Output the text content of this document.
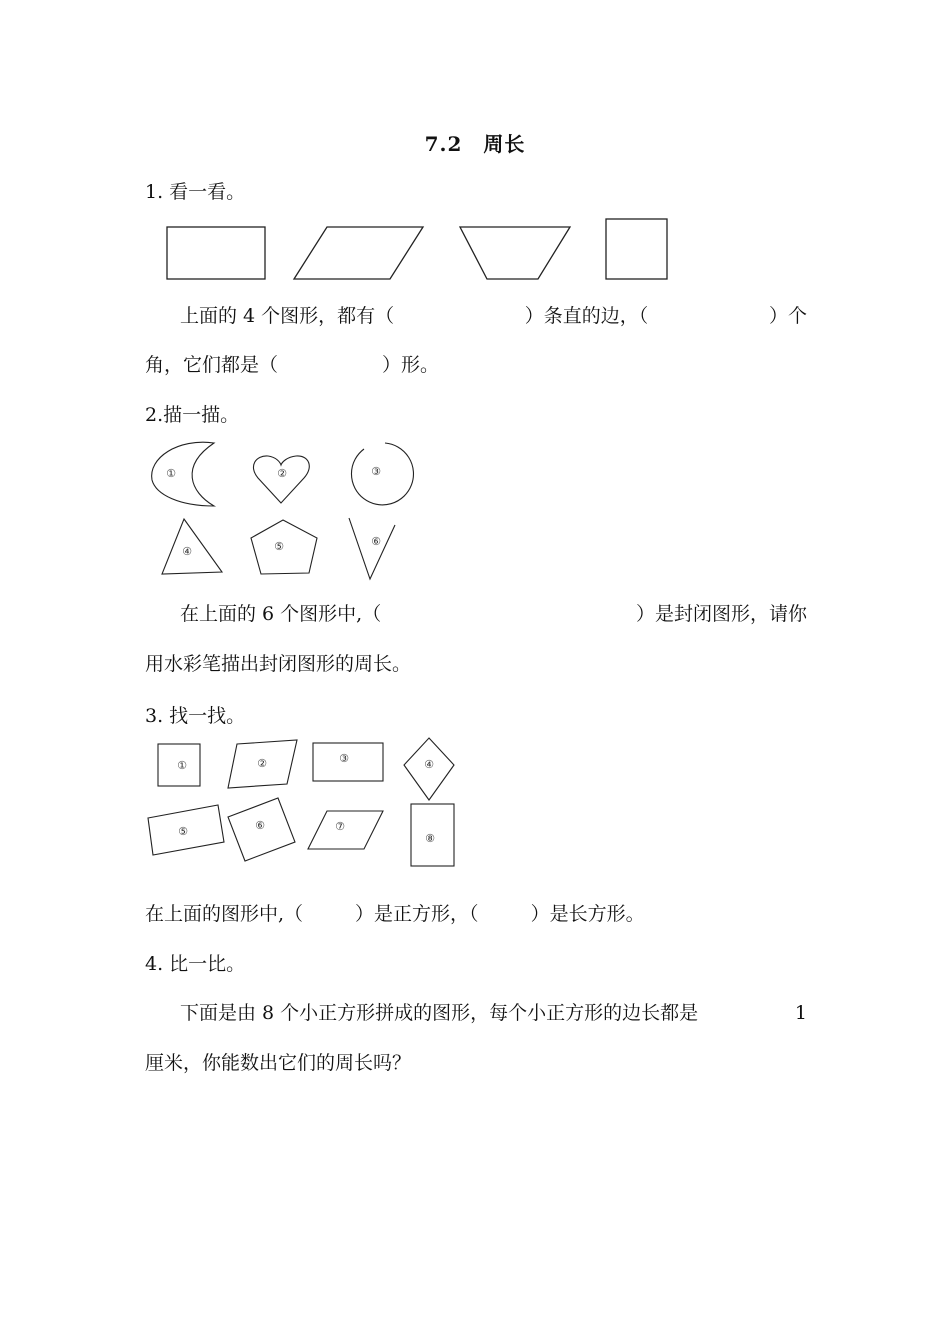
7.2　周长
1. 看一看。
上面的 4 个图形，都有（	）条直的边，（	）个
角，它们都是（	）形。
2.描一描。
①	②	③
④	⑤	⑥
在上面的 6 个图形中,（	）是封闭图形，请你
用水彩笔描出封闭图形的周长。
3. 找一找。
①	②	③	④
⑤	⑥	⑦
⑧
在上面的图形中,（	）是正方形，（	）是长方形。
4. 比一比。
下面是由 8 个小正方形拼成的图形，每个小正方形的边长都是	1
厘米，你能数出它们的周长吗？
